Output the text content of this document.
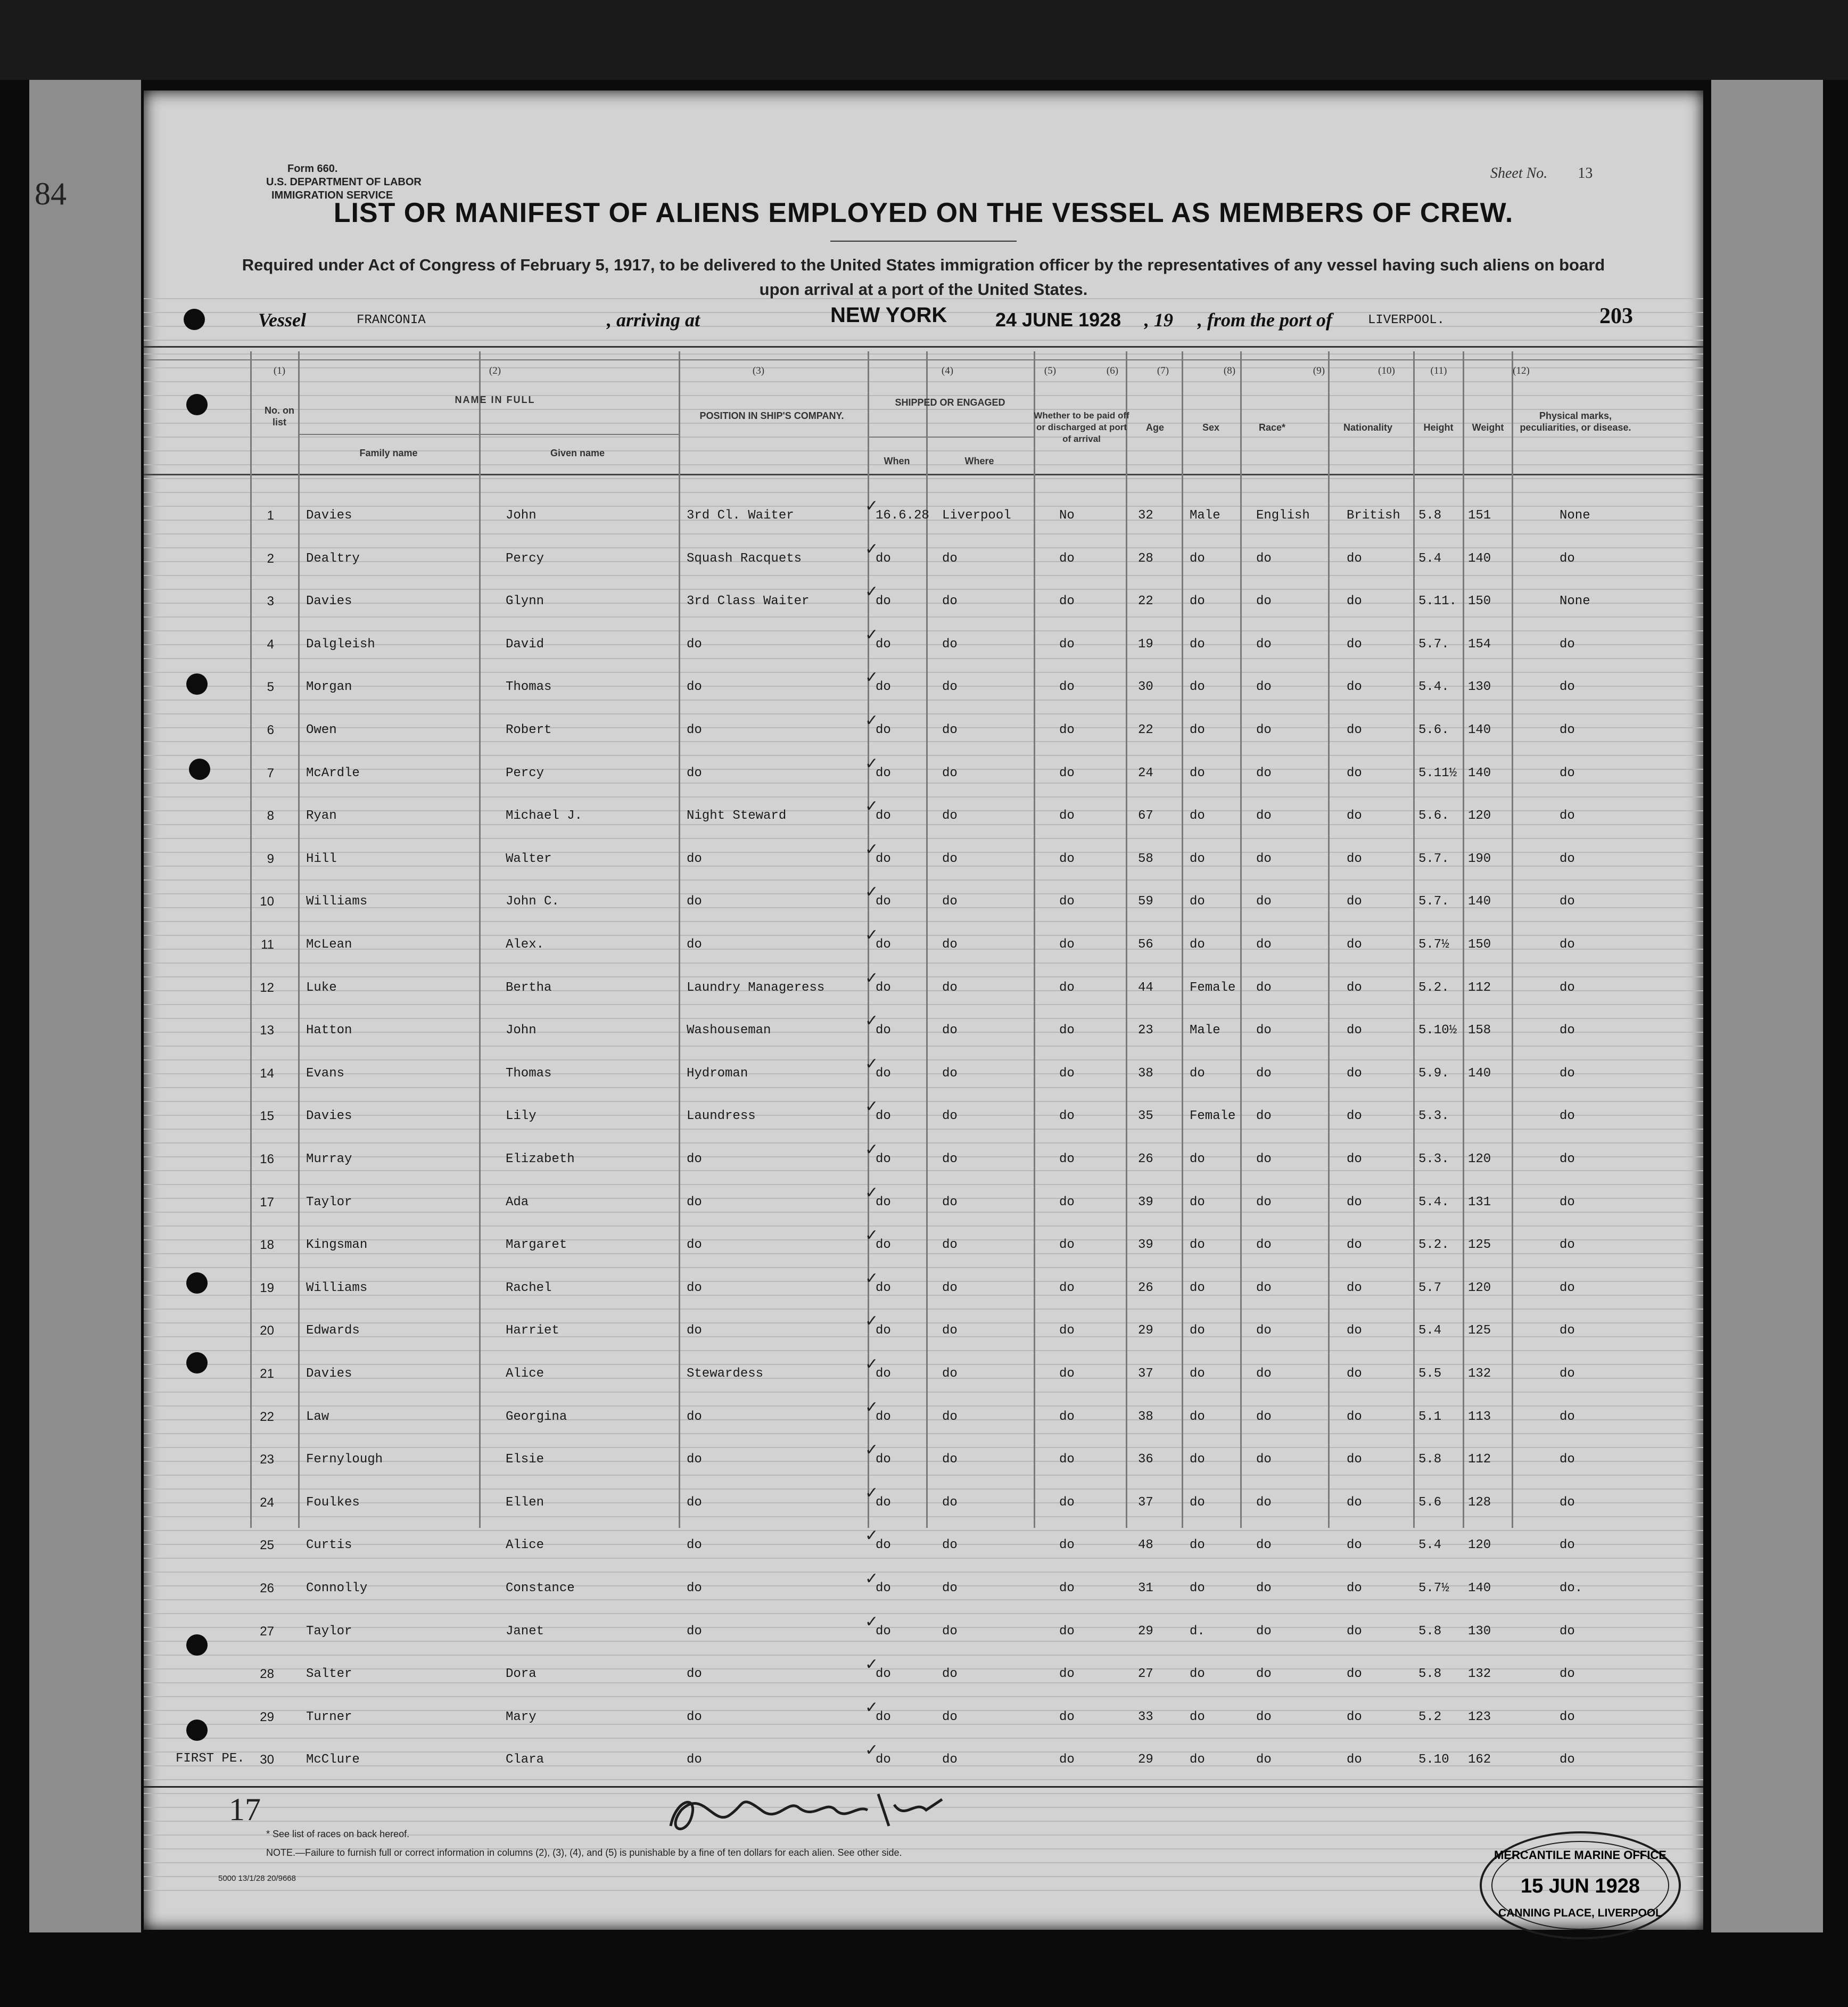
84
Form 660.
U.S. DEPARTMENT OF LABOR
IMMIGRATION SERVICE
Sheet No. 13
LIST OR MANIFEST OF ALIENS EMPLOYED ON THE VESSEL AS MEMBERS OF CREW.
Required under Act of Congress of February 5, 1917, to be delivered to the United States immigration officer by the representatives of any vessel having such aliens on board upon arrival at a port of the United States.
Vessel	FRANCONIA	, arriving at	NEW YORK	24 JUNE 1928 , 19 , from the port of	LIVERPOOL.	203
(1)	(2)	(3)	(4)	(5)	(6)	(7)	(8)	(9)	(10)	(11)	(12)
No. on list
NAME IN FULL
Family name	Given name
POSITION IN SHIP'S COMPANY.
SHIPPED OR ENGAGED
When	Where
Whether to be paid off or discharged at port of arrival
Age	Sex	Race*	Nationality	Height	Weight
Physical marks, peculiarities, or disease.
1	Davies	John	3rd Cl. Waiter	16.6.28 Liverpool	No	32	Male	English	British 5.8 151	None
✓
2	Dealtry	Percy	Squash Racquets	do	do	do	28	do	do	do	5.4 140	do
✓
3	Davies	Glynn	3rd Class Waiter	do	do	do	22	do	do	do	5.11. 150	None
✓
4	Dalgleish	David	do	do	do	do	19	do	do	do	5.7. 154	do
✓
5	Morgan	Thomas	do	do	do	do	30	do	do	do	5.4. 130	do
✓
6	Owen	Robert	do	do	do	do	22	do	do	do	5.6. 140	do
✓
7	McArdle	Percy	do	do	do	do	24	do	do	do	5.11½ 140	do
✓
8	Ryan	Michael J.	Night Steward	do	do	do	67	do	do	do	5.6. 120	do
✓
9	Hill	Walter	do	do	do	do	58	do	do	do	5.7. 190	do
✓
10	Williams	John C.	do	do	do	do	59	do	do	do	5.7. 140	do
✓
11	McLean	Alex.	do	do	do	do	56	do	do	do	5.7½ 150	do
✓
12	Luke	Bertha	Laundry Manageress	do	do	do	44	Female do	do	5.2. 112	do
✓
13	Hatton	John	Washouseman	do	do	do	23	Male	do	do	5.10½ 158	do
✓
14	Evans	Thomas	Hydroman	do	do	do	38	do	do	do	5.9. 140	do
✓
15	Davies	Lily	Laundress	do	do	do	35	Female do	do	5.3.	do
✓
16	Murray	Elizabeth	do	do	do	do	26	do	do	do	5.3. 120	do
✓
17	Taylor	Ada	do	do	do	do	39	do	do	do	5.4. 131	do
✓
18	Kingsman	Margaret	do	do	do	do	39	do	do	do	5.2. 125	do
✓
19	Williams	Rachel	do	do	do	do	26	do	do	do	5.7 120	do
✓
20	Edwards	Harriet	do	do	do	do	29	do	do	do	5.4 125	do
✓
21	Davies	Alice	Stewardess	do	do	do	37	do	do	do	5.5 132	do
✓
22	Law	Georgina	do	do	do	do	38	do	do	do	5.1 113	do
✓
23	Fernylough	Elsie	do	do	do	do	36	do	do	do	5.8 112	do
✓
24	Foulkes	Ellen	do	do	do	do	37	do	do	do	5.6 128	do
✓
25	Curtis	Alice	do	do	do	do	48	do	do	do	5.4 120	do
✓
26	Connolly	Constance	do	do	do	do	31	do	do	do	5.7½ 140	do.
✓
27	Taylor	Janet	do	do	do	do	29	d.	do	do	5.8 130	do
✓
28	Salter	Dora	do	do	do	do	27	do	do	do	5.8 132	do
✓
29	Turner	Mary	do	do	do	do	33	do	do	do	5.2 123	do
✓
30	McClure	Clara	do	do	do	do	29	do	do	do	5.10 162	do
✓
FIRST PE.
17
* See list of races on back hereof.
NOTE.—Failure to furnish full or correct information in columns (2), (3), (4), and (5) is punishable by a fine of ten dollars for each alien. See other side.
5000 13/1/28 20/9668
MERCANTILE MARINE OFFICE
15 JUN 1928
CANNING PLACE, LIVERPOOL
